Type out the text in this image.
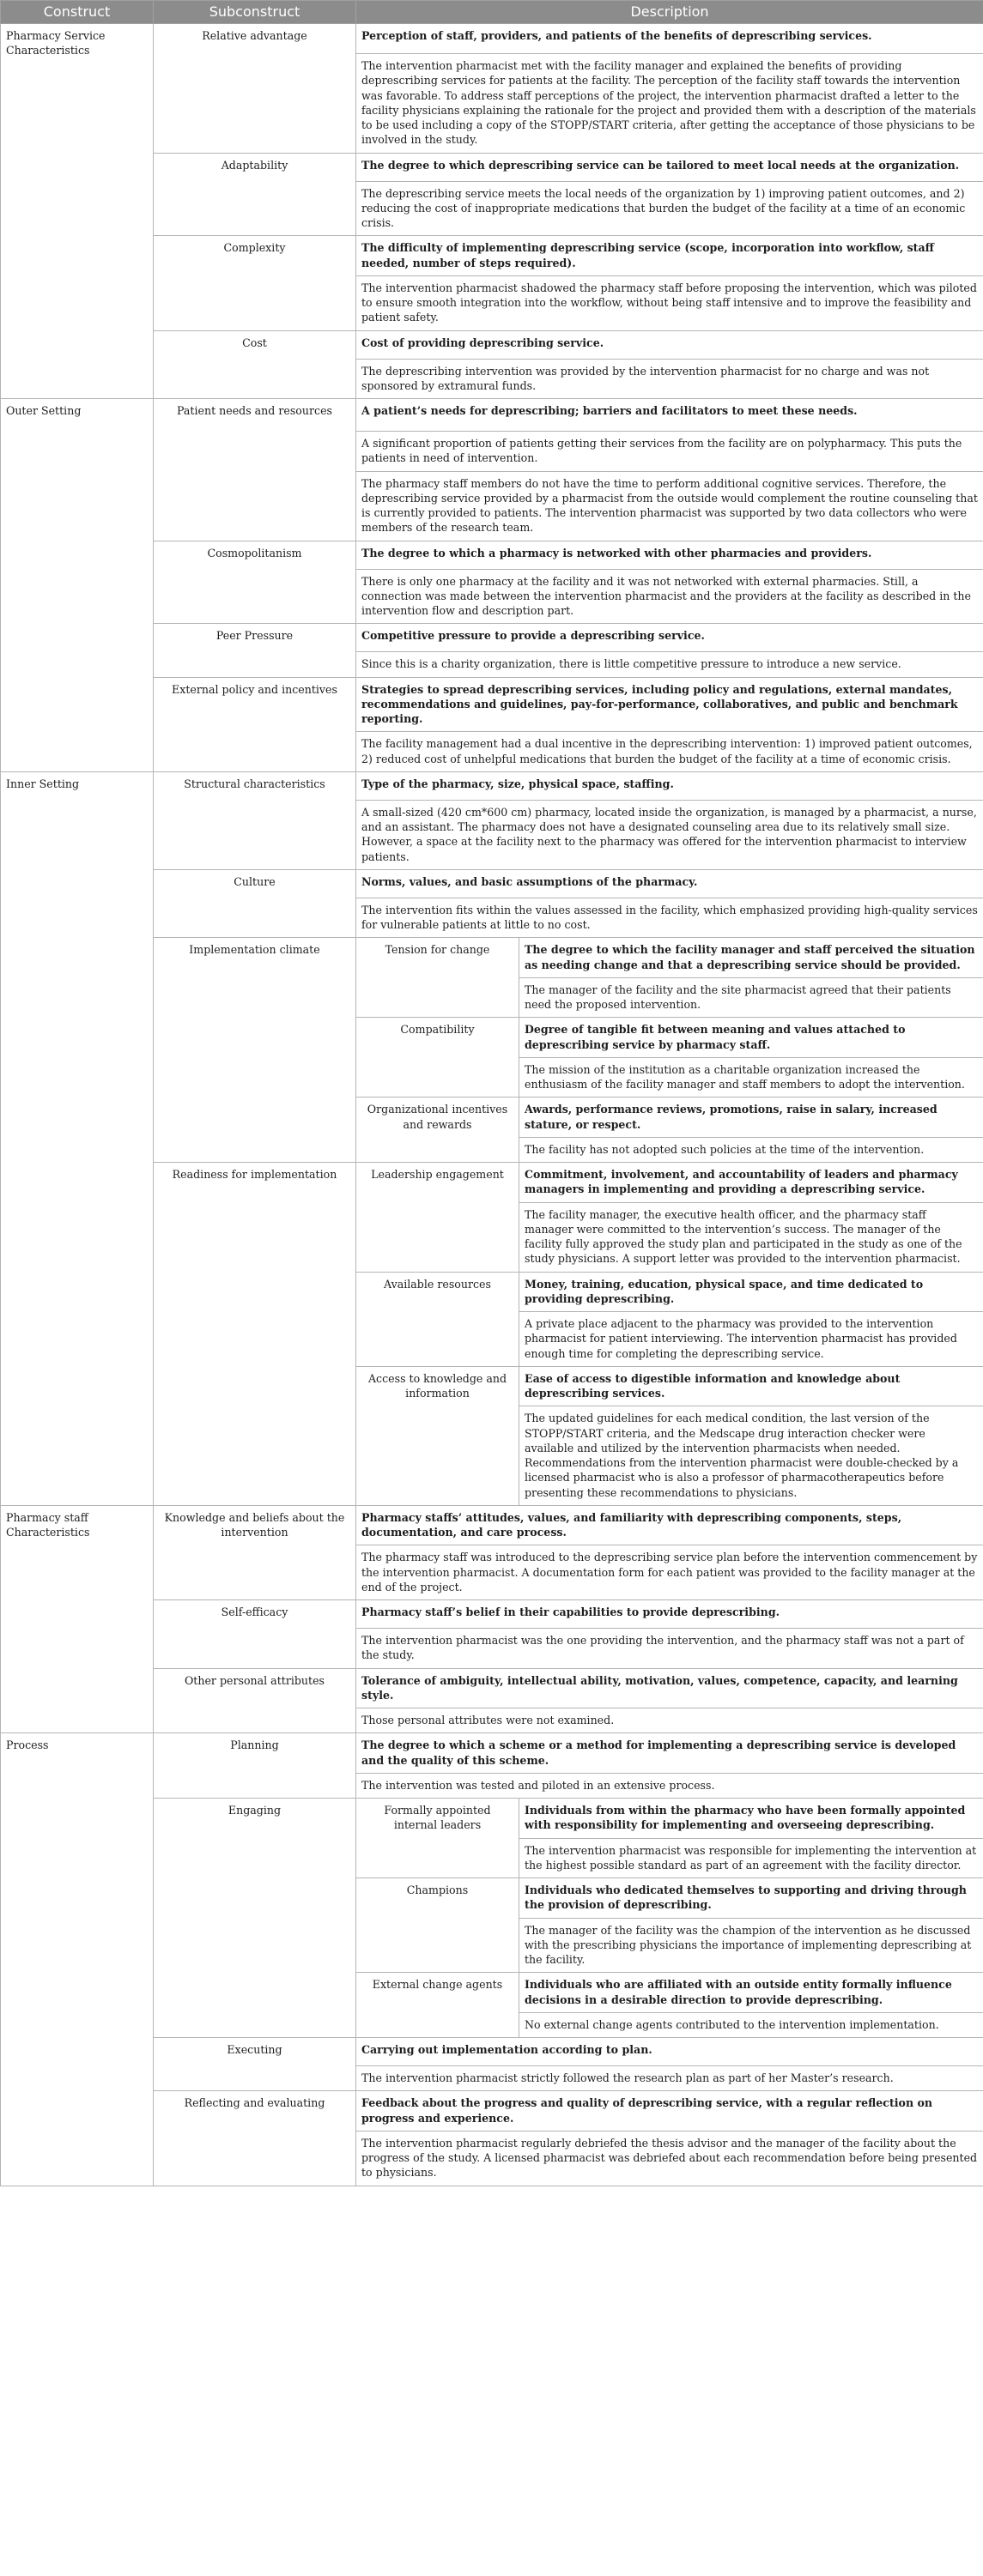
Construct	Subconstruct	Description	
Pharmacy Service Characteristics	Relative advantage	Perception of staff, providers, and patients of the benefits of deprescribing services.	
		The intervention pharmacist met with the facility manager and explained the benefits of providing deprescribing services for patients at the facility. The perception of the facility staff towards the intervention was favorable. To address staff perceptions of the project, the intervention pharmacist drafted a letter to the facility physicians explaining the rationale for the project and provided them with a description of the materials to be used including a copy of the STOPP/START criteria, after getting the acceptance of those physicians to be involved in the study.	
	Adaptability	The degree to which deprescribing service can be tailored to meet local needs at the organization.	
		The deprescribing service meets the local needs of the organization by 1) improving patient outcomes, and 2) reducing the cost of inappropriate medications that burden the budget of the facility at a time of an economic crisis.	
	Complexity	The difficulty of implementing deprescribing service (scope, incorporation into workflow, staff needed, number of steps required).	
		The intervention pharmacist shadowed the pharmacy staff before proposing the intervention, which was piloted to ensure smooth integration into the workflow, without being staff intensive and to improve the feasibility and patient safety.	
	Cost	Cost of providing deprescribing service.	
		The deprescribing intervention was provided by the intervention pharmacist for no charge and was not sponsored by extramural funds.	
Outer Setting	Patient needs and resources	A patient’s needs for deprescribing; barriers and facilitators to meet these needs.	
		A significant proportion of patients getting their services from the facility are on polypharmacy. This puts the patients in need of intervention.	
		The pharmacy staff members do not have the time to perform additional cognitive services. Therefore, the deprescribing service provided by a pharmacist from the outside would complement the routine counseling that is currently provided to patients. The intervention pharmacist was supported by two data collectors who were members of the research team.	
	Cosmopolitanism	The degree to which a pharmacy is networked with other pharmacies and providers.	
		There is only one pharmacy at the facility and it was not networked with external pharmacies. Still, a connection was made between the intervention pharmacist and the providers at the facility as described in the intervention flow and description part.	
	Peer Pressure	Competitive pressure to provide a deprescribing service.	
		Since this is a charity organization, there is little competitive pressure to introduce a new service.	
	External policy and incentives	Strategies to spread deprescribing services, including policy and regulations, external mandates, recommendations and guidelines, pay-for-performance, collaboratives, and public and benchmark reporting.	
		The facility management had a dual incentive in the deprescribing intervention: 1) improved patient outcomes, 2) reduced cost of unhelpful medications that burden the budget of the facility at a time of economic crisis.	
Inner Setting	Structural characteristics	Type of the pharmacy, size, physical space, staffing.	
		A small-sized (420 cm*600 cm) pharmacy, located inside the organization, is managed by a pharmacist, a nurse, and an assistant. The pharmacy does not have a designated counseling area due to its relatively small size. However, a space at the facility next to the pharmacy was offered for the intervention pharmacist to interview patients.	
	Culture	Norms, values, and basic assumptions of the pharmacy.	
		The intervention fits within the values assessed in the facility, which emphasized providing high-quality services for vulnerable patients at little to no cost.	
	Implementation climate	Tension for change	The degree to which the facility manager and staff perceived the situation as needing change and that a deprescribing service should be provided.
			The manager of the facility and the site pharmacist agreed that their patients need the proposed intervention.
		Compatibility	Degree of tangible fit between meaning and values attached to deprescribing service by pharmacy staff.
			The mission of the institution as a charitable organization increased the enthusiasm of the facility manager and staff members to adopt the intervention.
		Organizational incentives and rewards	Awards, performance reviews, promotions, raise in salary, increased stature, or respect.
			The facility has not adopted such policies at the time of the intervention.
	Readiness for implementation	Leadership engagement	Commitment, involvement, and accountability of leaders and pharmacy managers in implementing and providing a deprescribing service.
			The facility manager, the executive health officer, and the pharmacy staff manager were committed to the intervention’s success. The manager of the facility fully approved the study plan and participated in the study as one of the study physicians. A support letter was provided to the intervention pharmacist.
		Available resources	Money, training, education, physical space, and time dedicated to providing deprescribing.
			A private place adjacent to the pharmacy was provided to the intervention pharmacist for patient interviewing. The intervention pharmacist has provided enough time for completing the deprescribing service.
		Access to knowledge and information	Ease of access to digestible information and knowledge about deprescribing services.
			The updated guidelines for each medical condition, the last version of the STOPP/START criteria, and the Medscape drug interaction checker were available and utilized by the intervention pharmacists when needed. Recommendations from the intervention pharmacist were double-checked by a licensed pharmacist who is also a professor of pharmacotherapeutics before presenting these recommendations to physicians.
Pharmacy staff Characteristics	Knowledge and beliefs about the intervention	Pharmacy staffs’ attitudes, values, and familiarity with deprescribing components, steps, documentation, and care process.	
		The pharmacy staff was introduced to the deprescribing service plan before the intervention commencement by the intervention pharmacist. A documentation form for each patient was provided to the facility manager at the end of the project.	
	Self-efficacy	Pharmacy staff’s belief in their capabilities to provide deprescribing.	
		The intervention pharmacist was the one providing the intervention, and the pharmacy staff was not a part of the study.	
	Other personal attributes	Tolerance of ambiguity, intellectual ability, motivation, values, competence, capacity, and learning style.	
		Those personal attributes were not examined.	
Process	Planning	The degree to which a scheme or a method for implementing a deprescribing service is developed and the quality of this scheme.	
		The intervention was tested and piloted in an extensive process.	
	Engaging	Formally appointed internal leaders	Individuals from within the pharmacy who have been formally appointed with responsibility for implementing and overseeing deprescribing.
			The intervention pharmacist was responsible for implementing the intervention at the highest possible standard as part of an agreement with the facility director.
		Champions	Individuals who dedicated themselves to supporting and driving through the provision of deprescribing.
			The manager of the facility was the champion of the intervention as he discussed with the prescribing physicians the importance of implementing deprescribing at the facility.
		External change agents	Individuals who are affiliated with an outside entity formally influence decisions in a desirable direction to provide deprescribing.
			No external change agents contributed to the intervention implementation.
	Executing	Carrying out implementation according to plan.	
		The intervention pharmacist strictly followed the research plan as part of her Master’s research.	
	Reflecting and evaluating	Feedback about the progress and quality of deprescribing service, with a regular reflection on progress and experience.	
		The intervention pharmacist regularly debriefed the thesis advisor and the manager of the facility about the progress of the study. A licensed pharmacist was debriefed about each recommendation before being presented to physicians.	
